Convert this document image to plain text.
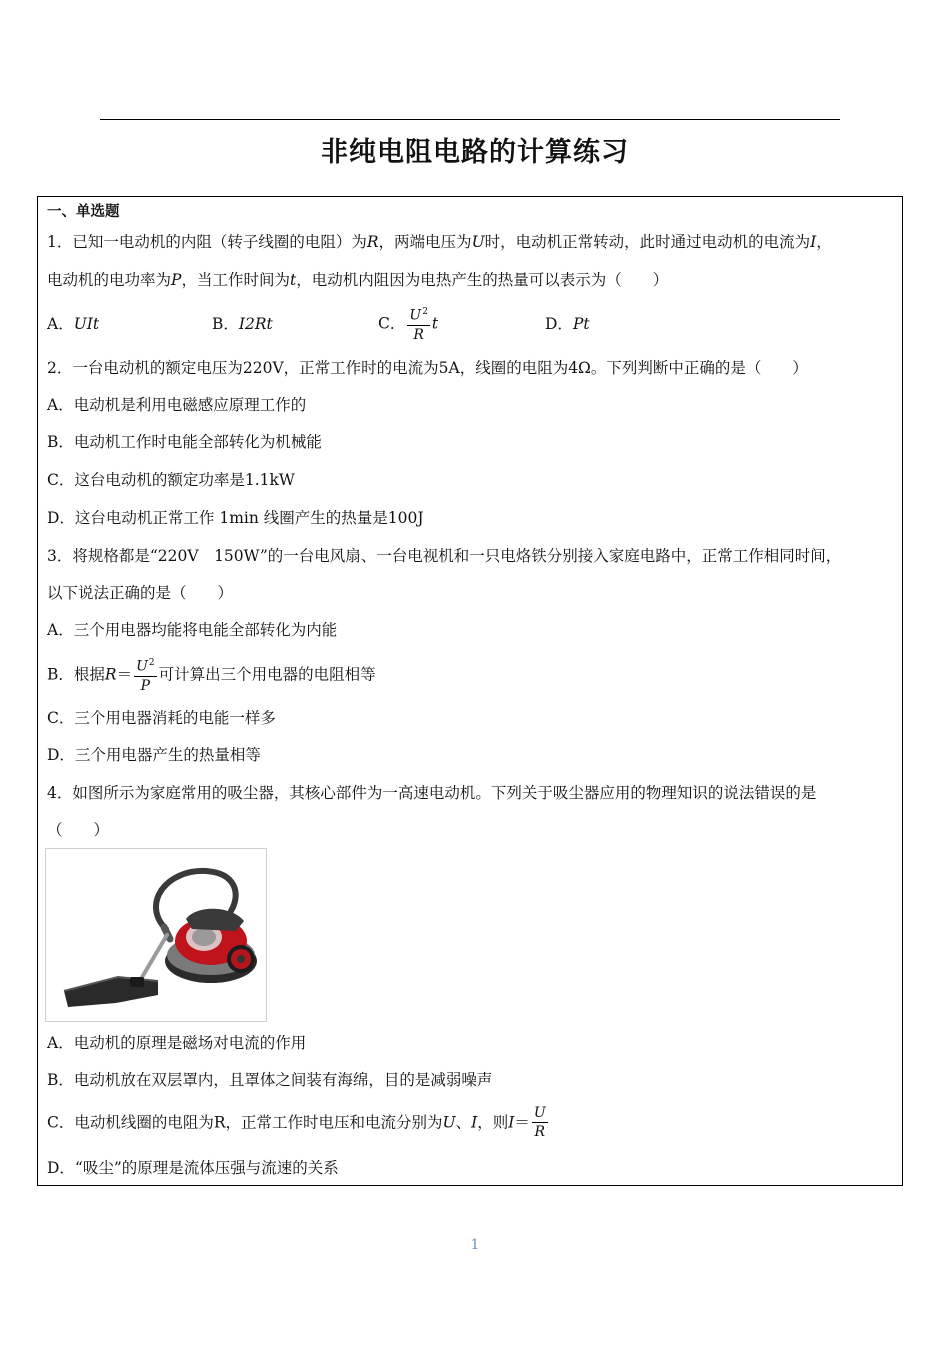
非纯电阻电路的计算练习
一、单选题
1．已知一电动机的内阻（转子线圈的电阻）为R，两端电压为U时，电动机正常转动，此时通过电动机的电流为I，
电动机的电功率为P，当工作时间为t，电动机内阻因为电热产生的热量可以表示为（　　）
A．UIt	B．I2Rt	C． $\frac{U^2}{R}$ t	D．Pt
2．一台电动机的额定电压为220V，正常工作时的电流为5A，线圈的电阻为4Ω。下列判断中正确的是（　　）
A．电动机是利用电磁感应原理工作的
B．电动机工作时电能全部转化为机械能
C．这台电动机的额定功率是1.1kW
D．这台电动机正常工作 1min 线圈产生的热量是100J
3．将规格都是“220V　150W”的一台电风扇、一台电视机和一只电烙铁分别接入家庭电路中，正常工作相同时间，
以下说法正确的是（　　）
A．三个用电器均能将电能全部转化为内能
B．根据$R= \frac{U^2}{P}$ 可计算出三个用电器的电阻相等
C．三个用电器消耗的电能一样多
D．三个用电器产生的热量相等
4．如图所示为家庭常用的吸尘器，其核心部件为一高速电动机。下列关于吸尘器应用的物理知识的说法错误的是
（　　）
A．电动机的原理是磁场对电流的作用
B．电动机放在双层罩内，且罩体之间装有海绵，目的是减弱噪声
C．电动机线圈的电阻为R，正常工作时电压和电流分别为U、I，则$I= \frac{U}{R}$
D．“吸尘”的原理是流体压强与流速的关系
1
